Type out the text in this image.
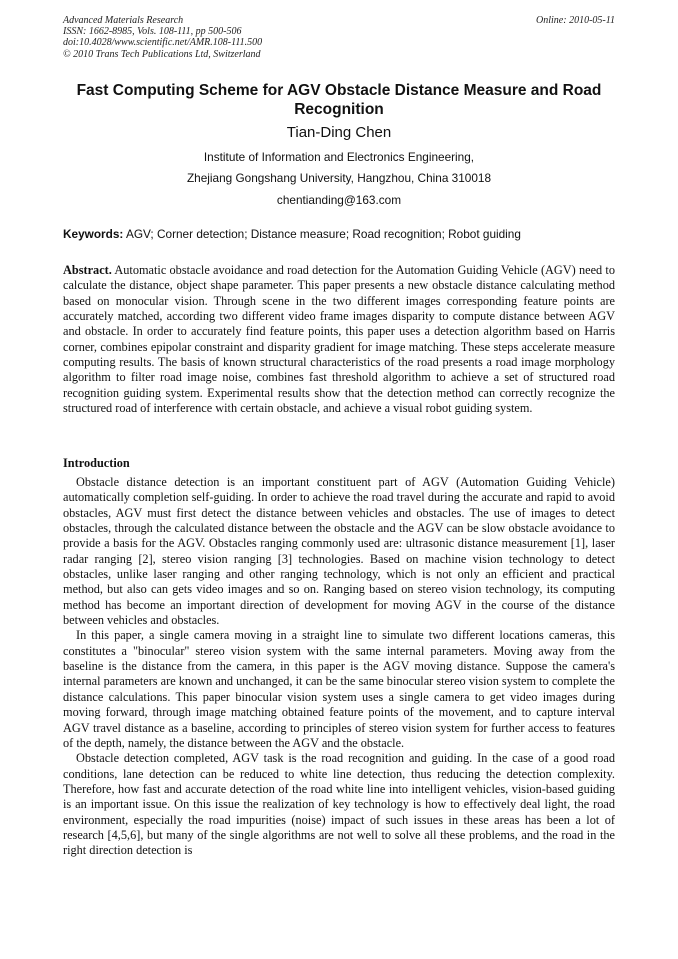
Advanced Materials Research	Online: 2010-05-11
ISSN: 1662-8985, Vols. 108-111, pp 500-506
doi:10.4028/www.scientific.net/AMR.108-111.500
© 2010 Trans Tech Publications Ltd, Switzerland
Fast Computing Scheme for AGV Obstacle Distance Measure and Road
Recognition
Tian-Ding Chen
Institute of Information and Electronics Engineering,
Zhejiang Gongshang University, Hangzhou, China 310018
chentianding@163.com
Keywords: AGV; Corner detection; Distance measure; Road recognition; Robot guiding
Abstract. Automatic obstacle avoidance and road detection for the Automation Guiding Vehicle (AGV) need to calculate the distance, object shape parameter. This paper presents a new obstacle distance calculating method based on monocular vision. Through scene in the two different images corresponding feature points are accurately matched, according two different video frame images disparity to compute distance between AGV and obstacle. In order to accurately find feature points, this paper uses a detection algorithm based on Harris corner, combines epipolar constraint and disparity gradient for image matching. These steps accelerate measure computing results. The basis of known structural characteristics of the road presents a road image morphology algorithm to filter road image noise, combines fast threshold algorithm to achieve a set of structured road recognition guiding system. Experimental results show that the detection method can correctly recognize the structured road of interference with certain obstacle, and achieve a visual robot guiding system.
Introduction

Obstacle distance detection is an important constituent part of AGV (Automation Guiding Vehicle) automatically completion self-guiding. In order to achieve the road travel during the accurate and rapid to avoid obstacles, AGV must first detect the distance between vehicles and obstacles. The use of images to detect obstacles, through the calculated distance between the obstacle and the AGV can be slow obstacle avoidance to provide a basis for the AGV. Obstacles ranging commonly used are: ultrasonic distance measurement [1], laser radar ranging [2], stereo vision ranging [3] technologies. Based on machine vision technology to detect obstacles, unlike laser ranging and other ranging technology, which is not only an efficient and practical method, but also can gets video images and so on. Ranging based on stereo vision technology, its computing method has become an important direction of development for moving AGV in the course of the distance between vehicles and obstacles.

In this paper, a single camera moving in a straight line to simulate two different locations cameras, this constitutes a "binocular" stereo vision system with the same internal parameters. Moving away from the baseline is the distance from the camera, in this paper is the AGV moving distance. Suppose the camera's internal parameters are known and unchanged, it can be the same binocular stereo vision system to complete the distance calculations. This paper binocular vision system uses a single camera to get video images during moving forward, through image matching obtained feature points of the movement, and to capture interval AGV travel distance as a baseline, according to principles of stereo vision system for further access to features of the depth, namely, the distance between the AGV and the obstacle.

Obstacle detection completed, AGV task is the road recognition and guiding. In the case of a good road conditions, lane detection can be reduced to white line detection, thus reducing the detection complexity. Therefore, how fast and accurate detection of the road white line into intelligent vehicles, vision-based guiding is an important issue. On this issue the realization of key technology is how to effectively deal light, the road environment, especially the road impurities (noise) impact of such issues in these areas has been a lot of research [4,5,6], but many of the single algorithms are not well to solve all these problems, and the road in the right direction detection is
